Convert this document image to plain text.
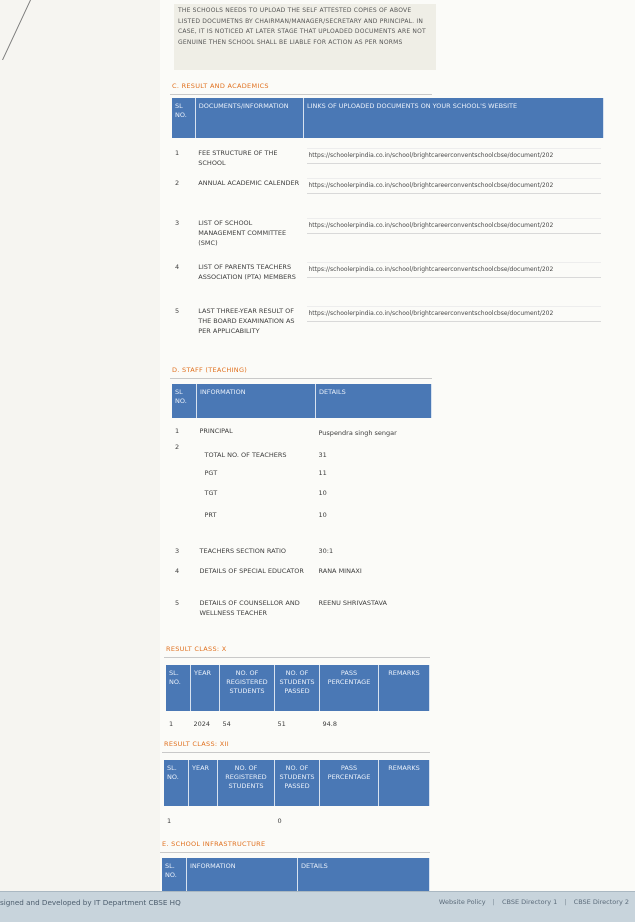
THE SCHOOLS NEEDS TO UPLOAD THE SELF ATTESTED COPIES OF ABOVE LISTED DOCUMETNS BY CHAIRMAN/MANAGER/SECRETARY AND PRINCIPAL. IN CASE, IT IS NOTICED AT LATER STAGE THAT UPLOADED DOCUMENTS ARE NOT GENUINE THEN SCHOOL SHALL BE LIABLE FOR ACTION AS PER NORMS
C. RESULT AND ACADEMICS
SL NO.	DOCUMENTS/INFORMATION	LINKS OF UPLOADED DOCUMENTS ON YOUR SCHOOL'S WEBSITE
1	FEE STRUCTURE OF THE SCHOOL	https://schoolerpindia.co.in/school/brightcareerconventschoolcbse/document/202

2	ANNUAL ACADEMIC CALENDER	https://schoolerpindia.co.in/school/brightcareerconventschoolcbse/document/202

3	LIST OF SCHOOL MANAGEMENT COMMITTEE (SMC)	https://schoolerpindia.co.in/school/brightcareerconventschoolcbse/document/202

4	LIST OF PARENTS TEACHERS ASSOCIATION (PTA) MEMBERS	https://schoolerpindia.co.in/school/brightcareerconventschoolcbse/document/202

5	LAST THREE-YEAR RESULT OF THE BOARD EXAMINATION AS PER APPLICABILITY	https://schoolerpindia.co.in/school/brightcareerconventschoolcbse/document/202
D. STAFF (TEACHING)
SL NO.	INFORMATION	DETAILS
1	PRINCIPAL	Puspendra singh sengar
2	TOTAL NO. OF TEACHERS	31
	PGT	11
	TGT	10
	PRT	10
3	TEACHERS SECTION RATIO	30:1
4	DETAILS OF SPECIAL EDUCATOR	RANA MINAXI
5	DETAILS OF COUNSELLOR AND WELLNESS TEACHER	REENU SHRIVASTAVA
RESULT CLASS: X
SL. NO.	YEAR	NO. OF REGISTERED STUDENTS	NO. OF STUDENTS PASSED	PASS PERCENTAGE	REMARKS
1	2024	54	51	94.8	
RESULT CLASS: XII
SL. NO.	YEAR	NO. OF REGISTERED STUDENTS	NO. OF STUDENTS PASSED	PASS PERCENTAGE	REMARKS
1			0		
E. SCHOOL INFRASTRUCTURE
SL. NO.	INFORMATION	DETAILS
signed and Developed by IT Department CBSE HQ	Website Policy | CBSE Directory 1 | CBSE Directory 2
